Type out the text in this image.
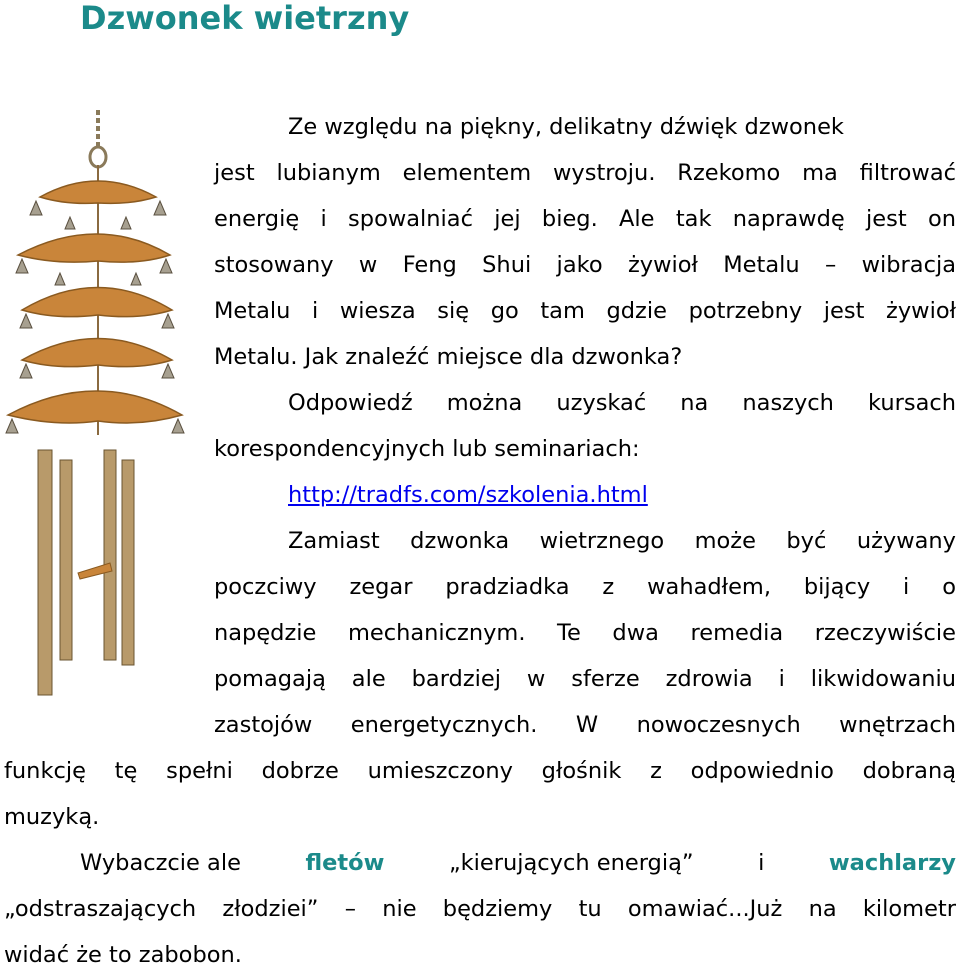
Dzwonek wietrzny
Ze względu na piękny, delikatny dźwięk dzwonek
jest lubianym elementem wystroju. Rzekomo ma filtrować
energię i spowalniać jej bieg. Ale tak naprawdę jest on
stosowany w Feng Shui jako żywioł Metalu – wibracja
Metalu i wiesza się go tam gdzie potrzebny jest żywioł
Metalu. Jak znaleźć miejsce dla dzwonka?
Odpowiedź można uzyskać na naszych kursach
korespondencyjnych lub seminariach:
http://tradfs.com/szkolenia.html
Zamiast dzwonka wietrznego może być używany
poczciwy zegar pradziadka z wahadłem, bijący i o
napędzie mechanicznym. Te dwa remedia rzeczywiście
pomagają ale bardziej w sferze zdrowia i likwidowaniu
zastojów energetycznych. W nowoczesnych wnętrzach
funkcję tę spełni dobrze umieszczony głośnik z odpowiednio dobraną
muzyką.
Wybaczcie ale	fletów	„kierujących energią”	i	wachlarzy
„odstraszających złodziei” – nie będziemy tu omawiać...Już na kilometr
widać że to zabobon.
